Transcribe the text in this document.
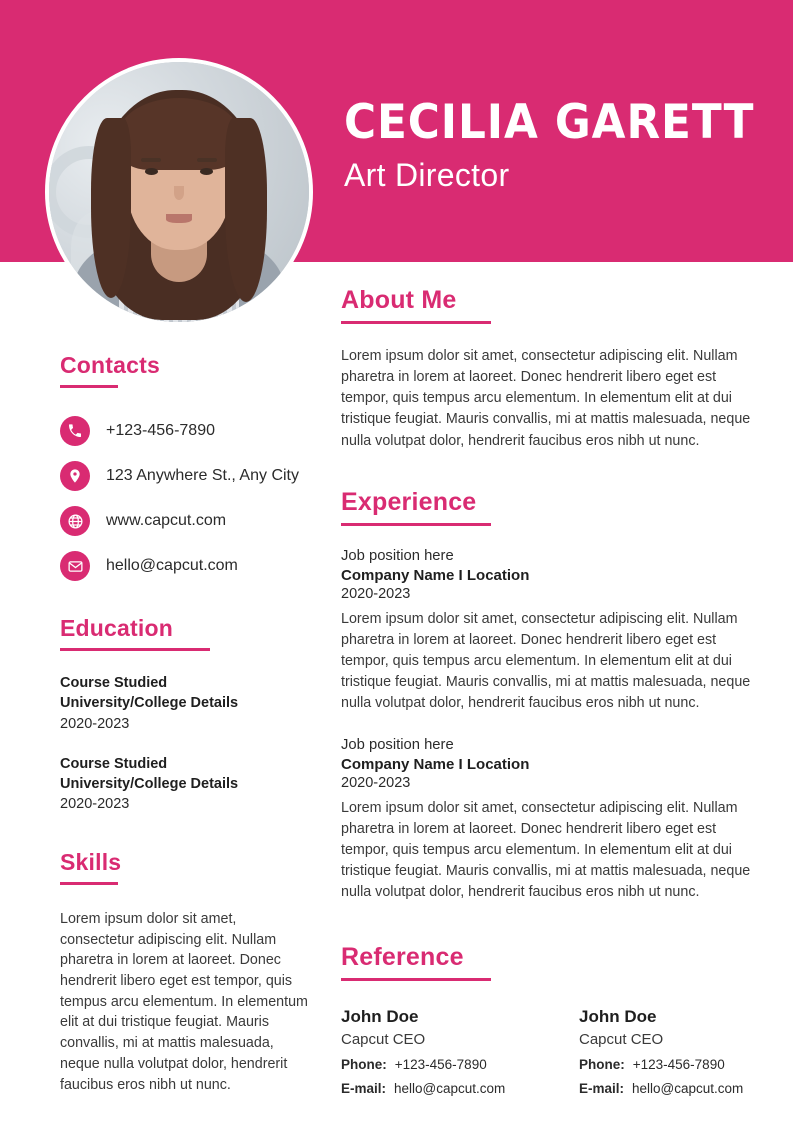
CECILIA GARETT
Art Director
Contacts
+123-456-7890
123 Anywhere St., Any City
www.capcut.com
hello@capcut.com
Education
Course Studied
University/College Details
2020-2023
Course Studied
University/College Details
2020-2023
Skills
Lorem ipsum dolor sit amet, consectetur adipiscing elit. Nullam pharetra in lorem at laoreet. Donec hendrerit libero eget est tempor, quis tempus arcu elementum. In elementum elit at dui tristique feugiat. Mauris convallis, mi at mattis malesuada, neque nulla volutpat dolor, hendrerit faucibus eros nibh ut nunc.
About Me
Lorem ipsum dolor sit amet, consectetur adipiscing elit. Nullam pharetra in lorem at laoreet. Donec hendrerit libero eget est tempor, quis tempus arcu elementum. In elementum elit at dui tristique feugiat. Mauris convallis, mi at mattis malesuada, neque nulla volutpat dolor, hendrerit faucibus eros nibh ut nunc.
Experience
Job position here
Company Name I Location
2020-2023
Lorem ipsum dolor sit amet, consectetur adipiscing elit. Nullam pharetra in lorem at laoreet. Donec hendrerit libero eget est tempor, quis tempus arcu elementum. In elementum elit at dui tristique feugiat. Mauris convallis, mi at mattis malesuada, neque nulla volutpat dolor, hendrerit faucibus eros nibh ut nunc.
Job position here
Company Name I Location
2020-2023
Lorem ipsum dolor sit amet, consectetur adipiscing elit. Nullam pharetra in lorem at laoreet. Donec hendrerit libero eget est tempor, quis tempus arcu elementum. In elementum elit at dui tristique feugiat. Mauris convallis, mi at mattis malesuada, neque nulla volutpat dolor, hendrerit faucibus eros nibh ut nunc.
Reference
John Doe
Capcut CEO
Phone: +123-456-7890
E-mail: hello@capcut.com
John Doe
Capcut CEO
Phone: +123-456-7890
E-mail: hello@capcut.com
